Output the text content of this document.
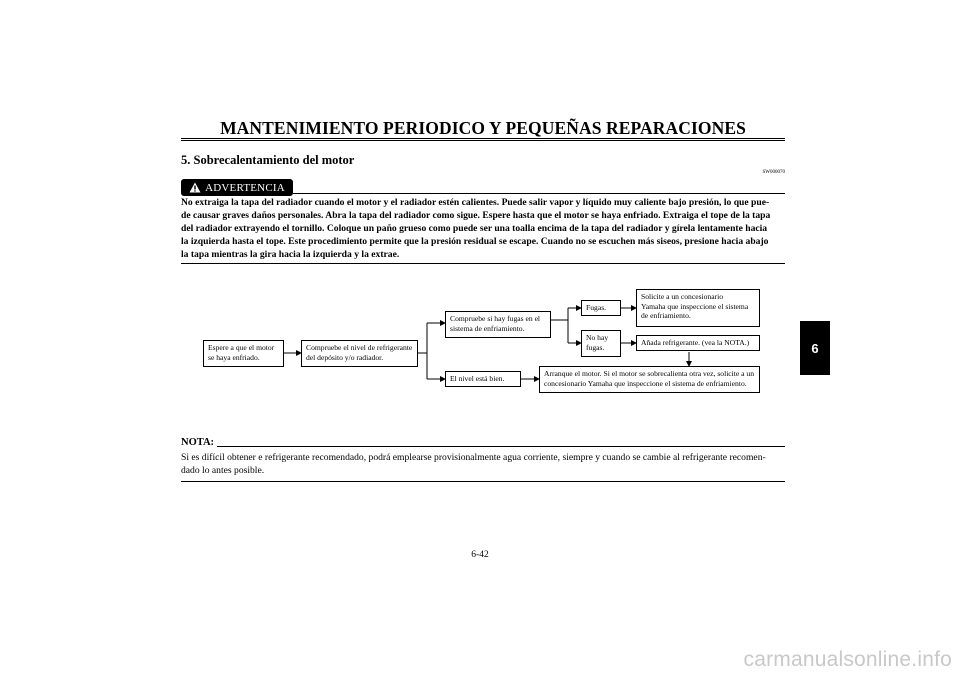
MANTENIMIENTO PERIODICO Y PEQUEÑAS REPARACIONES
5. Sobrecalentamiento del motor
SW000070
ADVERTENCIA
No extraiga la tapa del radiador cuando el motor y el radiador estén calientes. Puede salir vapor y líquido muy caliente bajo presión, lo que pue-
de causar graves daños personales. Abra la tapa del radiador como sigue. Espere hasta que el motor se haya enfriado. Extraiga el tope de la tapa
del radiador extrayendo el tornillo. Coloque un paño grueso como puede ser una toalla encima de la tapa del radiador y gírela lentamente hacia
la izquierda hasta el tope. Este procedimiento permite que la presión residual se escape. Cuando no se escuchen más siseos, presione hacia abajo
la tapa mientras la gira hacia la izquierda y la extrae.
6
Espere a que el motor
se haya enfriado.
Compruebe el nivel de refrigerante
del depósito y/o radiador.
Compruebe si hay fugas en el
sistema de enfriamiento.
El nivel está bien.
Fugas.
No hay
fugas.
Solicite a un concesionario
Yamaha que inspeccione el sistema
de enfriamiento.
Añada refrigerante. (vea la NOTA.)
Arranque el motor. Si el motor se sobrecalienta otra vez, solicite a un
concesionario Yamaha que inspeccione el sistema de enfriamiento.
NOTA:
Si es difícil obtener e refrigerante recomendado, podrá emplearse provisionalmente agua corriente, siempre y cuando se cambie al refrigerante recomen-
dado lo antes posible.
6-42
carmanualsonline.info
